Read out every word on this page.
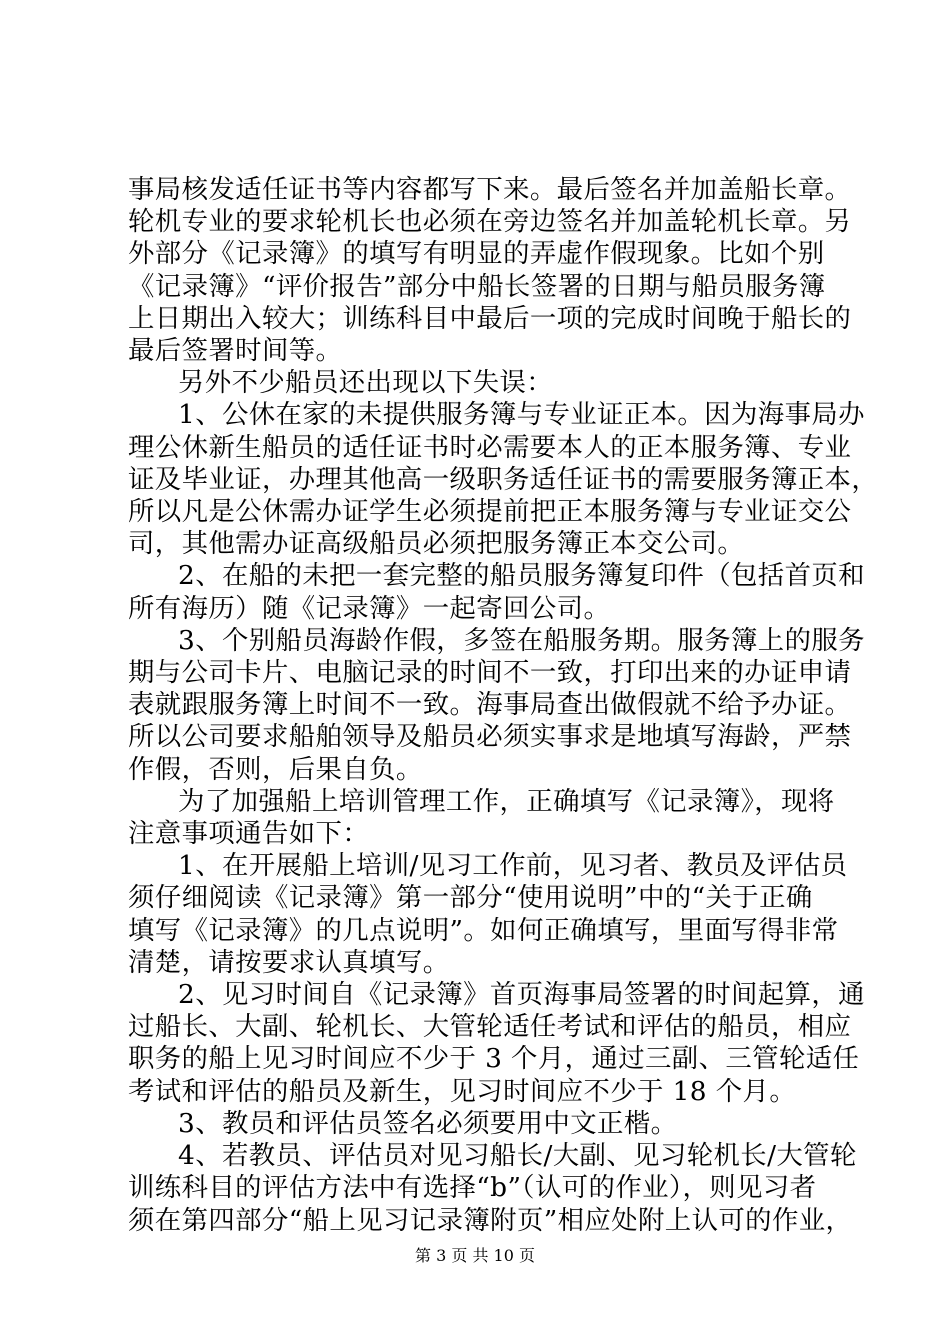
事局核发适任证书等内容都写下来。最后签名并加盖船长章。

轮机专业的要求轮机长也必须在旁边签名并加盖轮机长章。另

外部分《记录簿》的填写有明显的弄虚作假现象。比如个别

《记录簿》“评价报告”部分中船长签署的日期与船员服务簿

上日期出入较大；训练科目中最后一项的完成时间晚于船长的

最后签署时间等。

另外不少船员还出现以下失误：

1、公休在家的未提供服务簿与专业证正本。因为海事局办

理公休新生船员的适任证书时必需要本人的正本服务簿、专业

证及毕业证，办理其他高一级职务适任证书的需要服务簿正本，

所以凡是公休需办证学生必须提前把正本服务簿与专业证交公

司，其他需办证高级船员必须把服务簿正本交公司。

2、在船的未把一套完整的船员服务簿复印件（包括首页和

所有海历）随《记录簿》一起寄回公司。

3、个别船员海龄作假，多签在船服务期。服务簿上的服务

期与公司卡片、电脑记录的时间不一致，打印出来的办证申请

表就跟服务簿上时间不一致。海事局查出做假就不给予办证。

所以公司要求船舶领导及船员必须实事求是地填写海龄，严禁

作假，否则，后果自负。

为了加强船上培训管理工作，正确填写《记录簿》，现将

注意事项通告如下：

1、在开展船上培训/见习工作前，见习者、教员及评估员

须仔细阅读《记录簿》第一部分“使用说明”中的“关于正确

填写《记录簿》的几点说明”。如何正确填写，里面写得非常

清楚，请按要求认真填写。

2、见习时间自《记录簿》首页海事局签署的时间起算，通

过船长、大副、轮机长、大管轮适任考试和评估的船员，相应

职务的船上见习时间应不少于 3 个月，通过三副、三管轮适任

考试和评估的船员及新生，见习时间应不少于 18 个月。

3、教员和评估员签名必须要用中文正楷。

4、若教员、评估员对见习船长/大副、见习轮机长/大管轮

训练科目的评估方法中有选择“b”（认可的作业），则见习者

须在第四部分“船上见习记录簿附页”相应处附上认可的作业，

第 3 页 共 10 页
